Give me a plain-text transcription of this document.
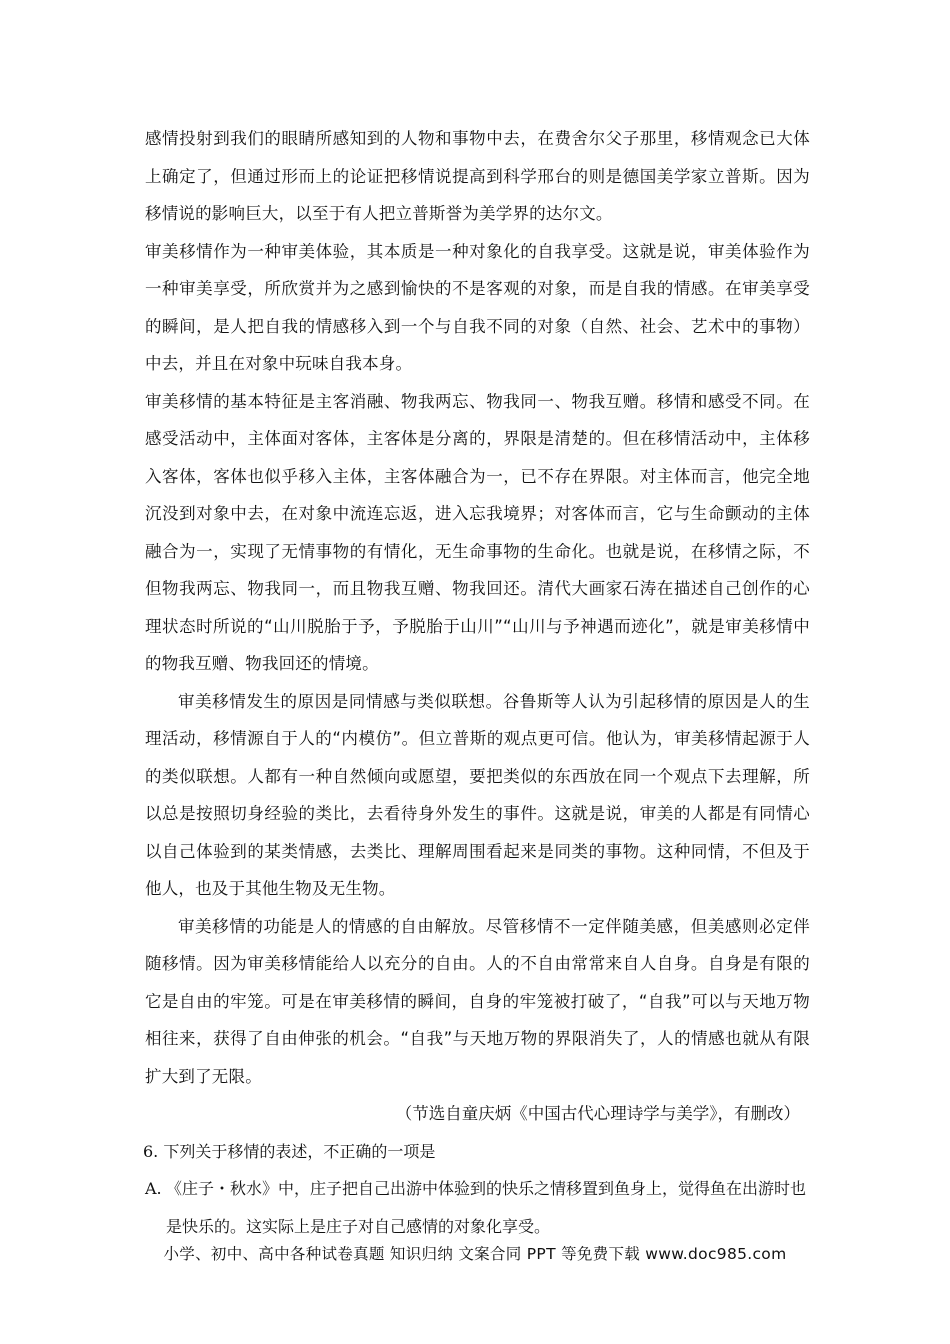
感情投射到我们的眼睛所感知到的人物和事物中去，在费舍尔父子那里，移情观念已大体上确定了，但通过形而上的论证把移情说提高到科学邢台的则是德国美学家立普斯。因为移情说的影响巨大，以至于有人把立普斯誉为美学界的达尔文。

审美移情作为一种审美体验，其本质是一种对象化的自我享受。这就是说，审美体验作为一种审美享受，所欣赏并为之感到愉快的不是客观的对象，而是自我的情感。在审美享受的瞬间，是人把自我的情感移入到一个与自我不同的对象（自然、社会、艺术中的事物）中去，并且在对象中玩味自我本身。

审美移情的基本特征是主客消融、物我两忘、物我同一、物我互赠。移情和感受不同。在感受活动中，主体面对客体，主客体是分离的，界限是清楚的。但在移情活动中，主体移入客体，客体也似乎移入主体，主客体融合为一，已不存在界限。对主体而言，他完全地沉没到对象中去，在对象中流连忘返，进入忘我境界；对客体而言，它与生命颤动的主体融合为一，实现了无情事物的有情化，无生命事物的生命化。也就是说，在移情之际，不但物我两忘、物我同一，而且物我互赠、物我回还。清代大画家石涛在描述自己创作的心理状态时所说的“山川脱胎于予，予脱胎于山川”“山川与予神遇而迹化”，就是审美移情中的物我互赠、物我回还的情境。

审美移情发生的原因是同情感与类似联想。谷鲁斯等人认为引起移情的原因是人的生理活动，移情源自于人的“内模仿”。但立普斯的观点更可信。他认为，审美移情起源于人的类似联想。人都有一种自然倾向或愿望，要把类似的东西放在同一个观点下去理解，所以总是按照切身经验的类比，去看待身外发生的事件。这就是说，审美的人都是有同情心以自己体验到的某类情感，去类比、理解周围看起来是同类的事物。这种同情，不但及于他人，也及于其他生物及无生物。

审美移情的功能是人的情感的自由解放。尽管移情不一定伴随美感，但美感则必定伴随移情。因为审美移情能给人以充分的自由。人的不自由常常来自人自身。自身是有限的它是自由的牢笼。可是在审美移情的瞬间，自身的牢笼被打破了，“自我”可以与天地万物相往来，获得了自由伸张的机会。“自我”与天地万物的界限消失了，人的情感也就从有限扩大到了无限。

（节选自童庆炳《中国古代心理诗学与美学》，有删改）

6. 下列关于移情的表述，不正确的一项是

A. 《庄子・秋水》中，庄子把自己出游中体验到的快乐之情移置到鱼身上，觉得鱼在出游时也是快乐的。这实际上是庄子对自己感情的对象化享受。

小学、初中、高中各种试卷真题 知识归纳 文案合同 PPT 等免费下载 www.doc985.com
